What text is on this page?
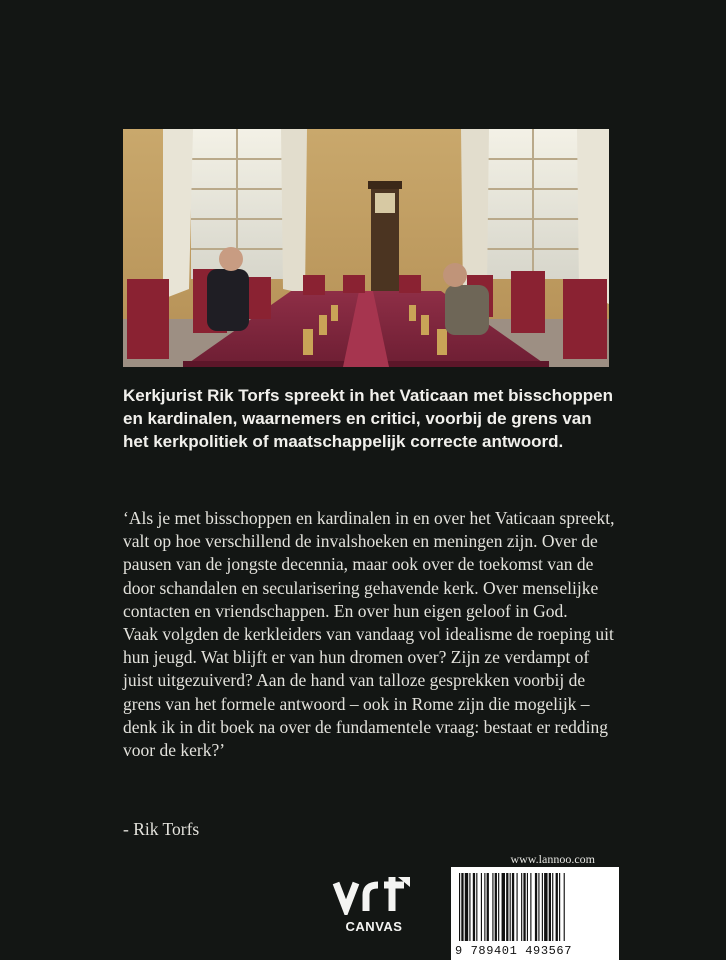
Kerkjurist Rik Torfs spreekt in het Vaticaan met bisschoppen en kardinalen, waarnemers en critici, voorbij de grens van het kerkpolitiek of maatschappelijk correcte antwoord.

‘Als je met bisschoppen en kardinalen in en over het Vaticaan spreekt, valt op hoe verschillend de invalshoeken en meningen zijn. Over de pausen van de jongste decennia, maar ook over de toekomst van de door schandalen en secularisering gehavende kerk. Over menselijke contacten en vriendschappen. En over hun eigen geloof in God.

Vaak volgden de kerkleiders van vandaag vol idealisme de roeping uit hun jeugd. Wat blijft er van hun dromen over? Zijn ze verdampt of juist uitgezuiverd? Aan de hand van talloze gesprekken voorbij de grens van het formele antwoord – ook in Rome zijn die mogelijk – denk ik in dit boek na over de fundamentele vraag: bestaat er redding voor de kerk?’

- Rik Torfs

CANVAS
www.lannoo.com
9 789401 493567
